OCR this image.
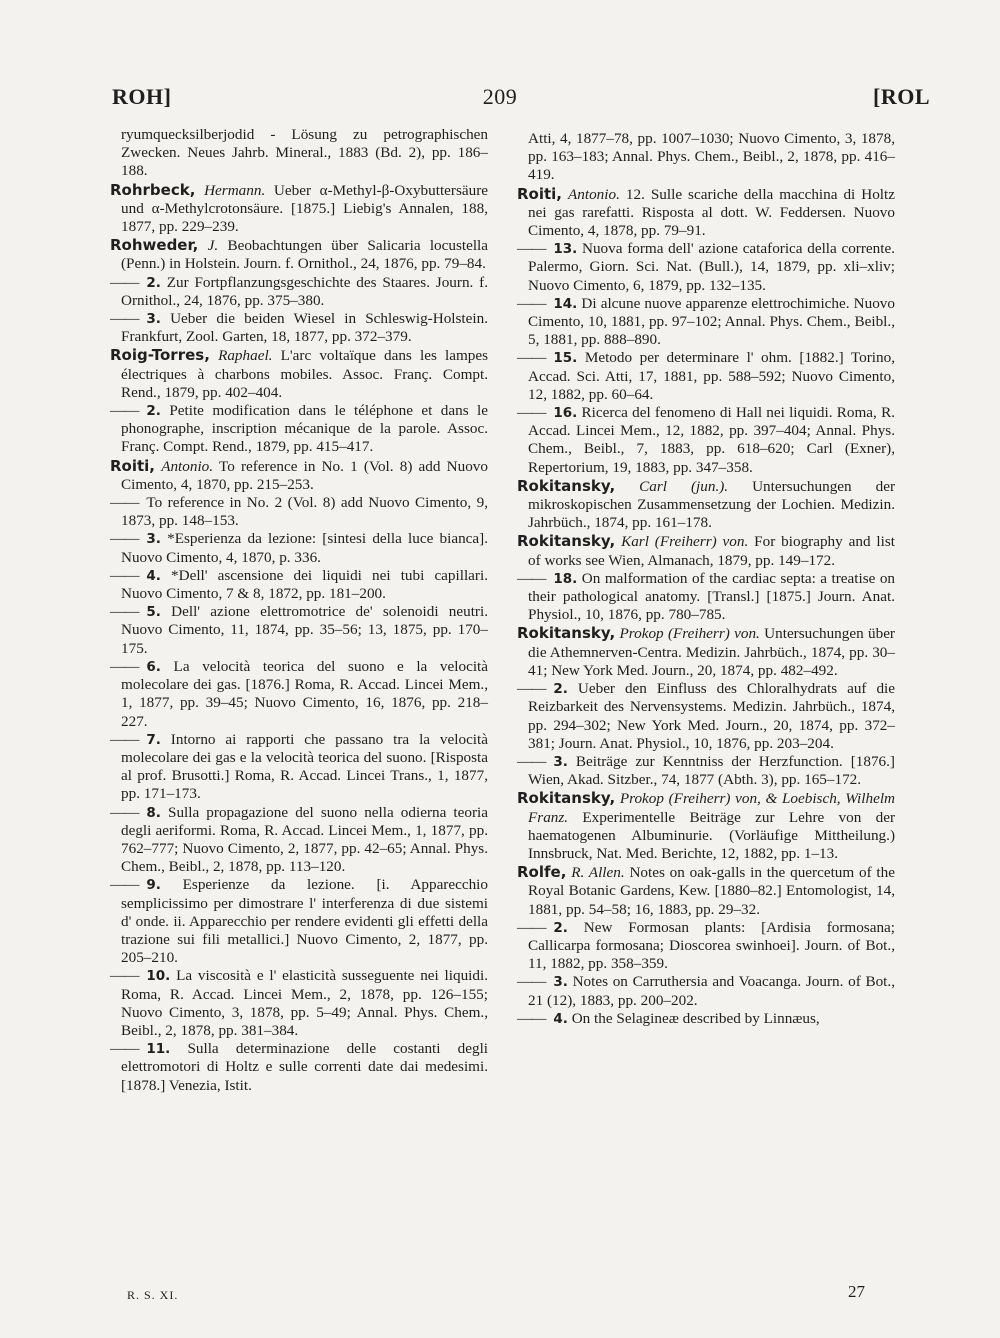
ROH]	209	[ROL
ryumquecksilberjodid - Lösung zu petrographischen Zwecken. Neues Jahrb. Mineral., 1883 (Bd. 2), pp. 186–188.
Rohrbeck, Hermann. Ueber α-Methyl-β-Oxybuttersäure und α-Methylcrotonsäure. [1875.] Liebig's Annalen, 188, 1877, pp. 229–239.
Rohweder, J. Beobachtungen über Salicaria locustella (Penn.) in Holstein. Journ. f. Ornithol., 24, 1876, pp. 79–84.
—— 2. Zur Fortpflanzungsgeschichte des Staares. Journ. f. Ornithol., 24, 1876, pp. 375–380.
—— 3. Ueber die beiden Wiesel in Schleswig-Holstein. Frankfurt, Zool. Garten, 18, 1877, pp. 372–379.
Roig-Torres, Raphael. L'arc voltaïque dans les lampes électriques à charbons mobiles. Assoc. Franç. Compt. Rend., 1879, pp. 402–404.
—— 2. Petite modification dans le téléphone et dans le phonographe, inscription mécanique de la parole. Assoc. Franç. Compt. Rend., 1879, pp. 415–417.
Roiti, Antonio. To reference in No. 1 (Vol. 8) add Nuovo Cimento, 4, 1870, pp. 215–253.
—— To reference in No. 2 (Vol. 8) add Nuovo Cimento, 9, 1873, pp. 148–153.
—— 3. *Esperienza da lezione: [sintesi della luce bianca]. Nuovo Cimento, 4, 1870, p. 336.
—— 4. *Dell' ascensione dei liquidi nei tubi capillari. Nuovo Cimento, 7 & 8, 1872, pp. 181–200.
—— 5. Dell' azione elettromotrice de' solenoidi neutri. Nuovo Cimento, 11, 1874, pp. 35–56; 13, 1875, pp. 170–175.
—— 6. La velocità teorica del suono e la velocità molecolare dei gas. [1876.] Roma, R. Accad. Lincei Mem., 1, 1877, pp. 39–45; Nuovo Cimento, 16, 1876, pp. 218–227.
—— 7. Intorno ai rapporti che passano tra la velocità molecolare dei gas e la velocità teorica del suono. [Risposta al prof. Brusotti.] Roma, R. Accad. Lincei Trans., 1, 1877, pp. 171–173.
—— 8. Sulla propagazione del suono nella odierna teoria degli aeriformi. Roma, R. Accad. Lincei Mem., 1, 1877, pp. 762–777; Nuovo Cimento, 2, 1877, pp. 42–65; Annal. Phys. Chem., Beibl., 2, 1878, pp. 113–120.
—— 9. Esperienze da lezione. [i. Apparecchio semplicissimo per dimostrare l' interferenza di due sistemi d' onde. ii. Apparecchio per rendere evidenti gli effetti della trazione sui fili metallici.] Nuovo Cimento, 2, 1877, pp. 205–210.
—— 10. La viscosità e l' elasticità susseguente nei liquidi. Roma, R. Accad. Lincei Mem., 2, 1878, pp. 126–155; Nuovo Cimento, 3, 1878, pp. 5–49; Annal. Phys. Chem., Beibl., 2, 1878, pp. 381–384.
—— 11. Sulla determinazione delle costanti degli elettromotori di Holtz e sulle correnti date dai medesimi. [1878.] Venezia, Istit.
Atti, 4, 1877–78, pp. 1007–1030; Nuovo Cimento, 3, 1878, pp. 163–183; Annal. Phys. Chem., Beibl., 2, 1878, pp. 416–419.
Roiti, Antonio. 12. Sulle scariche della macchina di Holtz nei gas rarefatti. Risposta al dott. W. Feddersen. Nuovo Cimento, 4, 1878, pp. 79–91.
—— 13. Nuova forma dell' azione cataforica della corrente. Palermo, Giorn. Sci. Nat. (Bull.), 14, 1879, pp. xli–xliv; Nuovo Cimento, 6, 1879, pp. 132–135.
—— 14. Di alcune nuove apparenze elettrochimiche. Nuovo Cimento, 10, 1881, pp. 97–102; Annal. Phys. Chem., Beibl., 5, 1881, pp. 888–890.
—— 15. Metodo per determinare l' ohm. [1882.] Torino, Accad. Sci. Atti, 17, 1881, pp. 588–592; Nuovo Cimento, 12, 1882, pp. 60–64.
—— 16. Ricerca del fenomeno di Hall nei liquidi. Roma, R. Accad. Lincei Mem., 12, 1882, pp. 397–404; Annal. Phys. Chem., Beibl., 7, 1883, pp. 618–620; Carl (Exner), Repertorium, 19, 1883, pp. 347–358.
Rokitansky, Carl (jun.). Untersuchungen der mikroskopischen Zusammensetzung der Lochien. Medizin. Jahrbüch., 1874, pp. 161–178.
Rokitansky, Karl (Freiherr) von. For biography and list of works see Wien, Almanach, 1879, pp. 149–172.
—— 18. On malformation of the cardiac septa: a treatise on their pathological anatomy. [Transl.] [1875.] Journ. Anat. Physiol., 10, 1876, pp. 780–785.
Rokitansky, Prokop (Freiherr) von. Untersuchungen über die Athemnerven-Centra. Medizin. Jahrbüch., 1874, pp. 30–41; New York Med. Journ., 20, 1874, pp. 482–492.
—— 2. Ueber den Einfluss des Chloralhydrats auf die Reizbarkeit des Nervensystems. Medizin. Jahrbüch., 1874, pp. 294–302; New York Med. Journ., 20, 1874, pp. 372–381; Journ. Anat. Physiol., 10, 1876, pp. 203–204.
—— 3. Beiträge zur Kenntniss der Herzfunction. [1876.] Wien, Akad. Sitzber., 74, 1877 (Abth. 3), pp. 165–172.
Rokitansky, Prokop (Freiherr) von, & Loebisch, Wilhelm Franz. Experimentelle Beiträge zur Lehre von der haematogenen Albuminurie. (Vorläufige Mittheilung.) Innsbruck, Nat. Med. Berichte, 12, 1882, pp. 1–13.
Rolfe, R. Allen. Notes on oak-galls in the quercetum of the Royal Botanic Gardens, Kew. [1880–82.] Entomologist, 14, 1881, pp. 54–58; 16, 1883, pp. 29–32.
—— 2. New Formosan plants: [Ardisia formosana; Callicarpa formosana; Dioscorea swinhoei]. Journ. of Bot., 11, 1882, pp. 358–359.
—— 3. Notes on Carruthersia and Voacanga. Journ. of Bot., 21 (12), 1883, pp. 200–202.
—— 4. On the Selagineæ described by Linnæus,
R. S. XI.	27
